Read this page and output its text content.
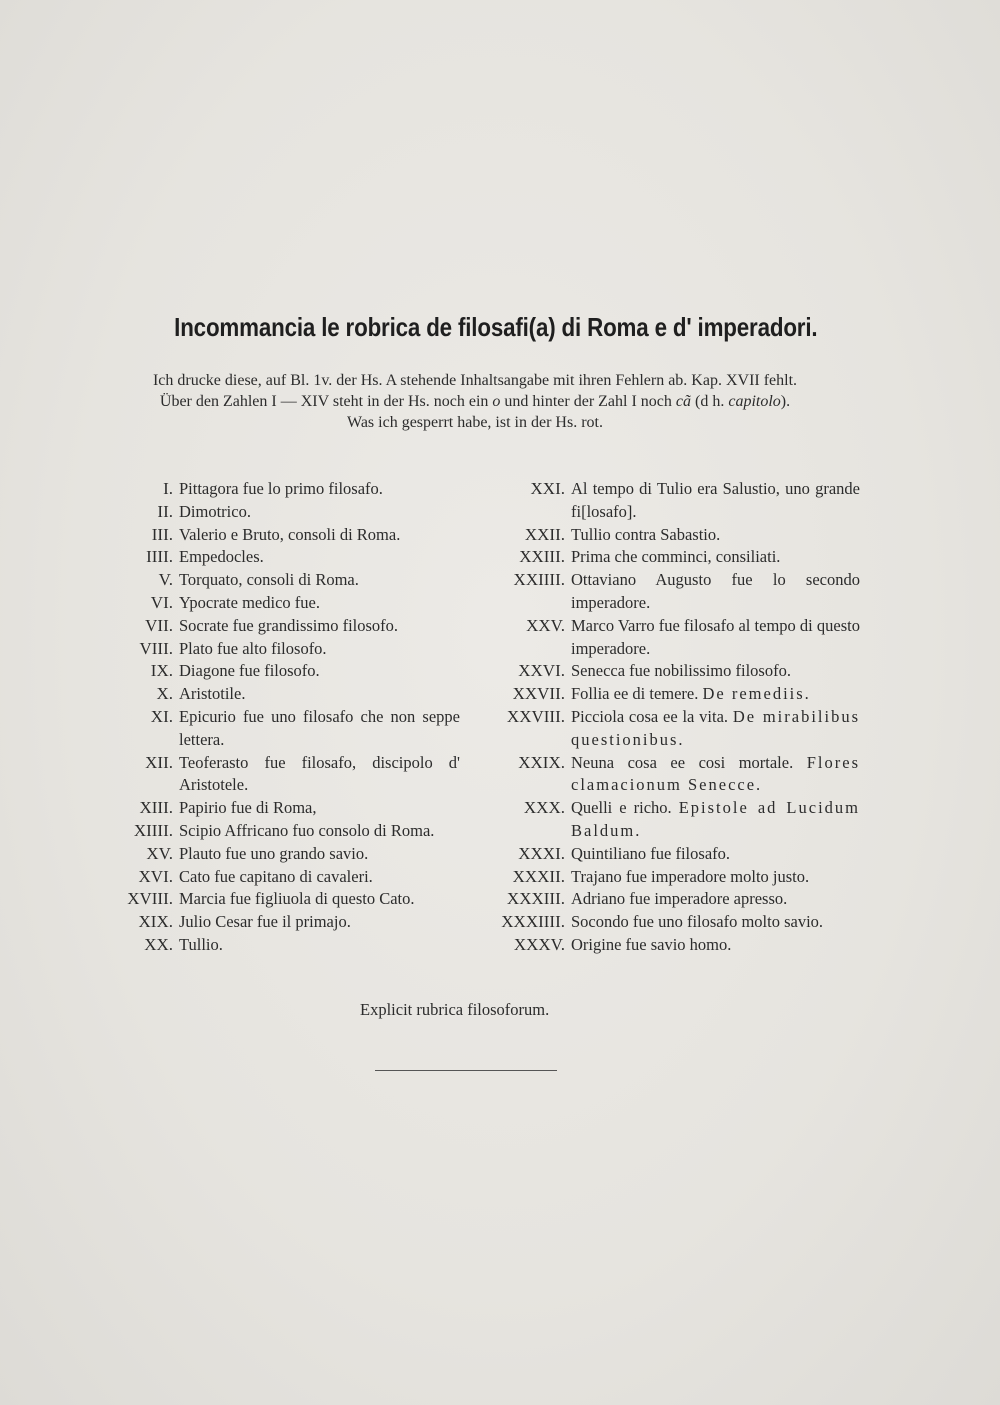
Incommancia le robrica de filosafi(a) di Roma e d' imperadori.
Ich drucke diese, auf Bl. 1v. der Hs. A stehende Inhaltsangabe mit ihren Fehlern ab. Kap. XVII fehlt.
Über den Zahlen I — XIV steht in der Hs. noch ein o und hinter der Zahl I noch cã (d h. capitolo).
Was ich gesperrt habe, ist in der Hs. rot.
I. Pittagora fue lo primo filosafo.
II. Dimotrico.
III. Valerio e Bruto, consoli di Roma.
IIII. Empedocles.
V. Torquato, consoli di Roma.
VI. Ypocrate medico fue.
VII. Socrate fue grandissimo filosofo.
VIII. Plato fue alto filosofo.
IX. Diagone fue filosofo.
X. Aristotile.
XI. Epicurio fue uno filosafo che non seppe lettera.
XII. Teoferasto fue filosafo, discipolo d' Aristotele.
XIII. Papirio fue di Roma,
XIIII. Scipio Affricano fuo consolo di Roma.
XV. Plauto fue uno grando savio.
XVI. Cato fue capitano di cavaleri.
XVIII. Marcia fue figliuola di questo Cato.
XIX. Julio Cesar fue il primajo.
XX. Tullio.
XXI. Al tempo di Tulio era Salustio, uno grande fi[losafo].
XXII. Tullio contra Sabastio.
XXIII. Prima che comminci, consiliati.
XXIIII. Ottaviano Augusto fue lo secondo imperadore.
XXV. Marco Varro fue filosafo al tempo di questo imperadore.
XXVI. Senecca fue nobilissimo filosofo.
XXVII. Follia ee di temere. De remediis.
XXVIII. Picciola cosa ee la vita. De mirabilibus questionibus.
XXIX. Neuna cosa ee cosi mortale. Flores clamacionum Senecce.
XXX. Quelli e richo. Epistole ad Lucidum Baldum.
XXXI. Quintiliano fue filosafo.
XXXII. Trajano fue imperadore molto justo.
XXXIII. Adriano fue imperadore apresso.
XXXIIII. Socondo fue uno filosafo molto savio.
XXXV. Origine fue savio homo.
Explicit rubrica filosoforum.
